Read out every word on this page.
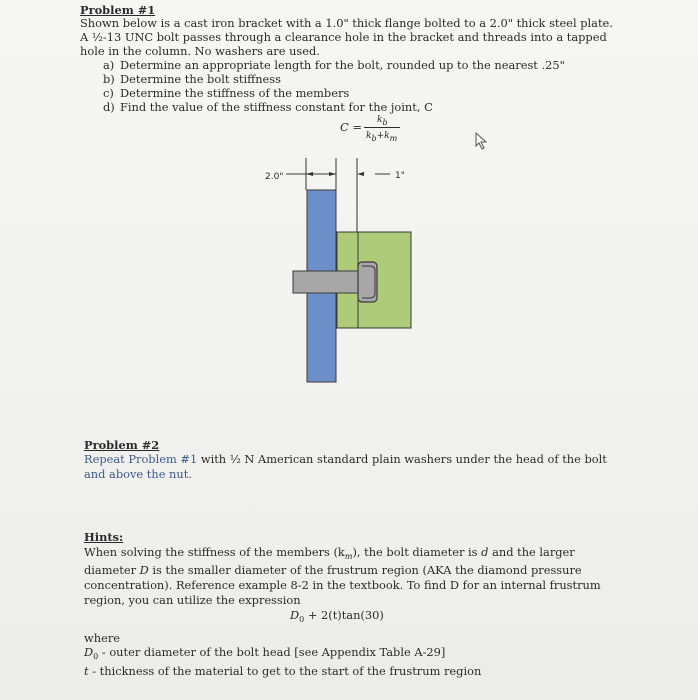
Problem #1
Shown below is a cast iron bracket with a 1.0" thick flange bolted to a 2.0" thick steel plate.
A ½-13 UNC bolt passes through a clearance hole in the bracket and threads into a tapped
hole in the column. No washers are used.
a) Determine an appropriate length for the bolt, rounded up to the nearest .25"
b) Determine the bolt stiffness
c) Determine the stiffness of the members
d) Find the value of the stiffness constant for the joint, C
C = kb
kb+km
2.0"	1"
Problem #2
Repeat Problem #1 with ½ N American standard plain washers under the head of the bolt
and above the nut.
Hints:
When solving the stiffness of the members $(k_m)$, the bolt diameter is d and the larger
diameter D is the smaller diameter of the frustrum region (AKA the diamond pressure
concentration). Reference example 8-2 in the textbook. To find D for an internal frustrum
region, you can utilize the expression
$D_0 + 2(t)\tan(30)$
where
$D_0$ - outer diameter of the bolt head [see Appendix Table A-29]
t - thickness of the material to get to the start of the frustrum region
